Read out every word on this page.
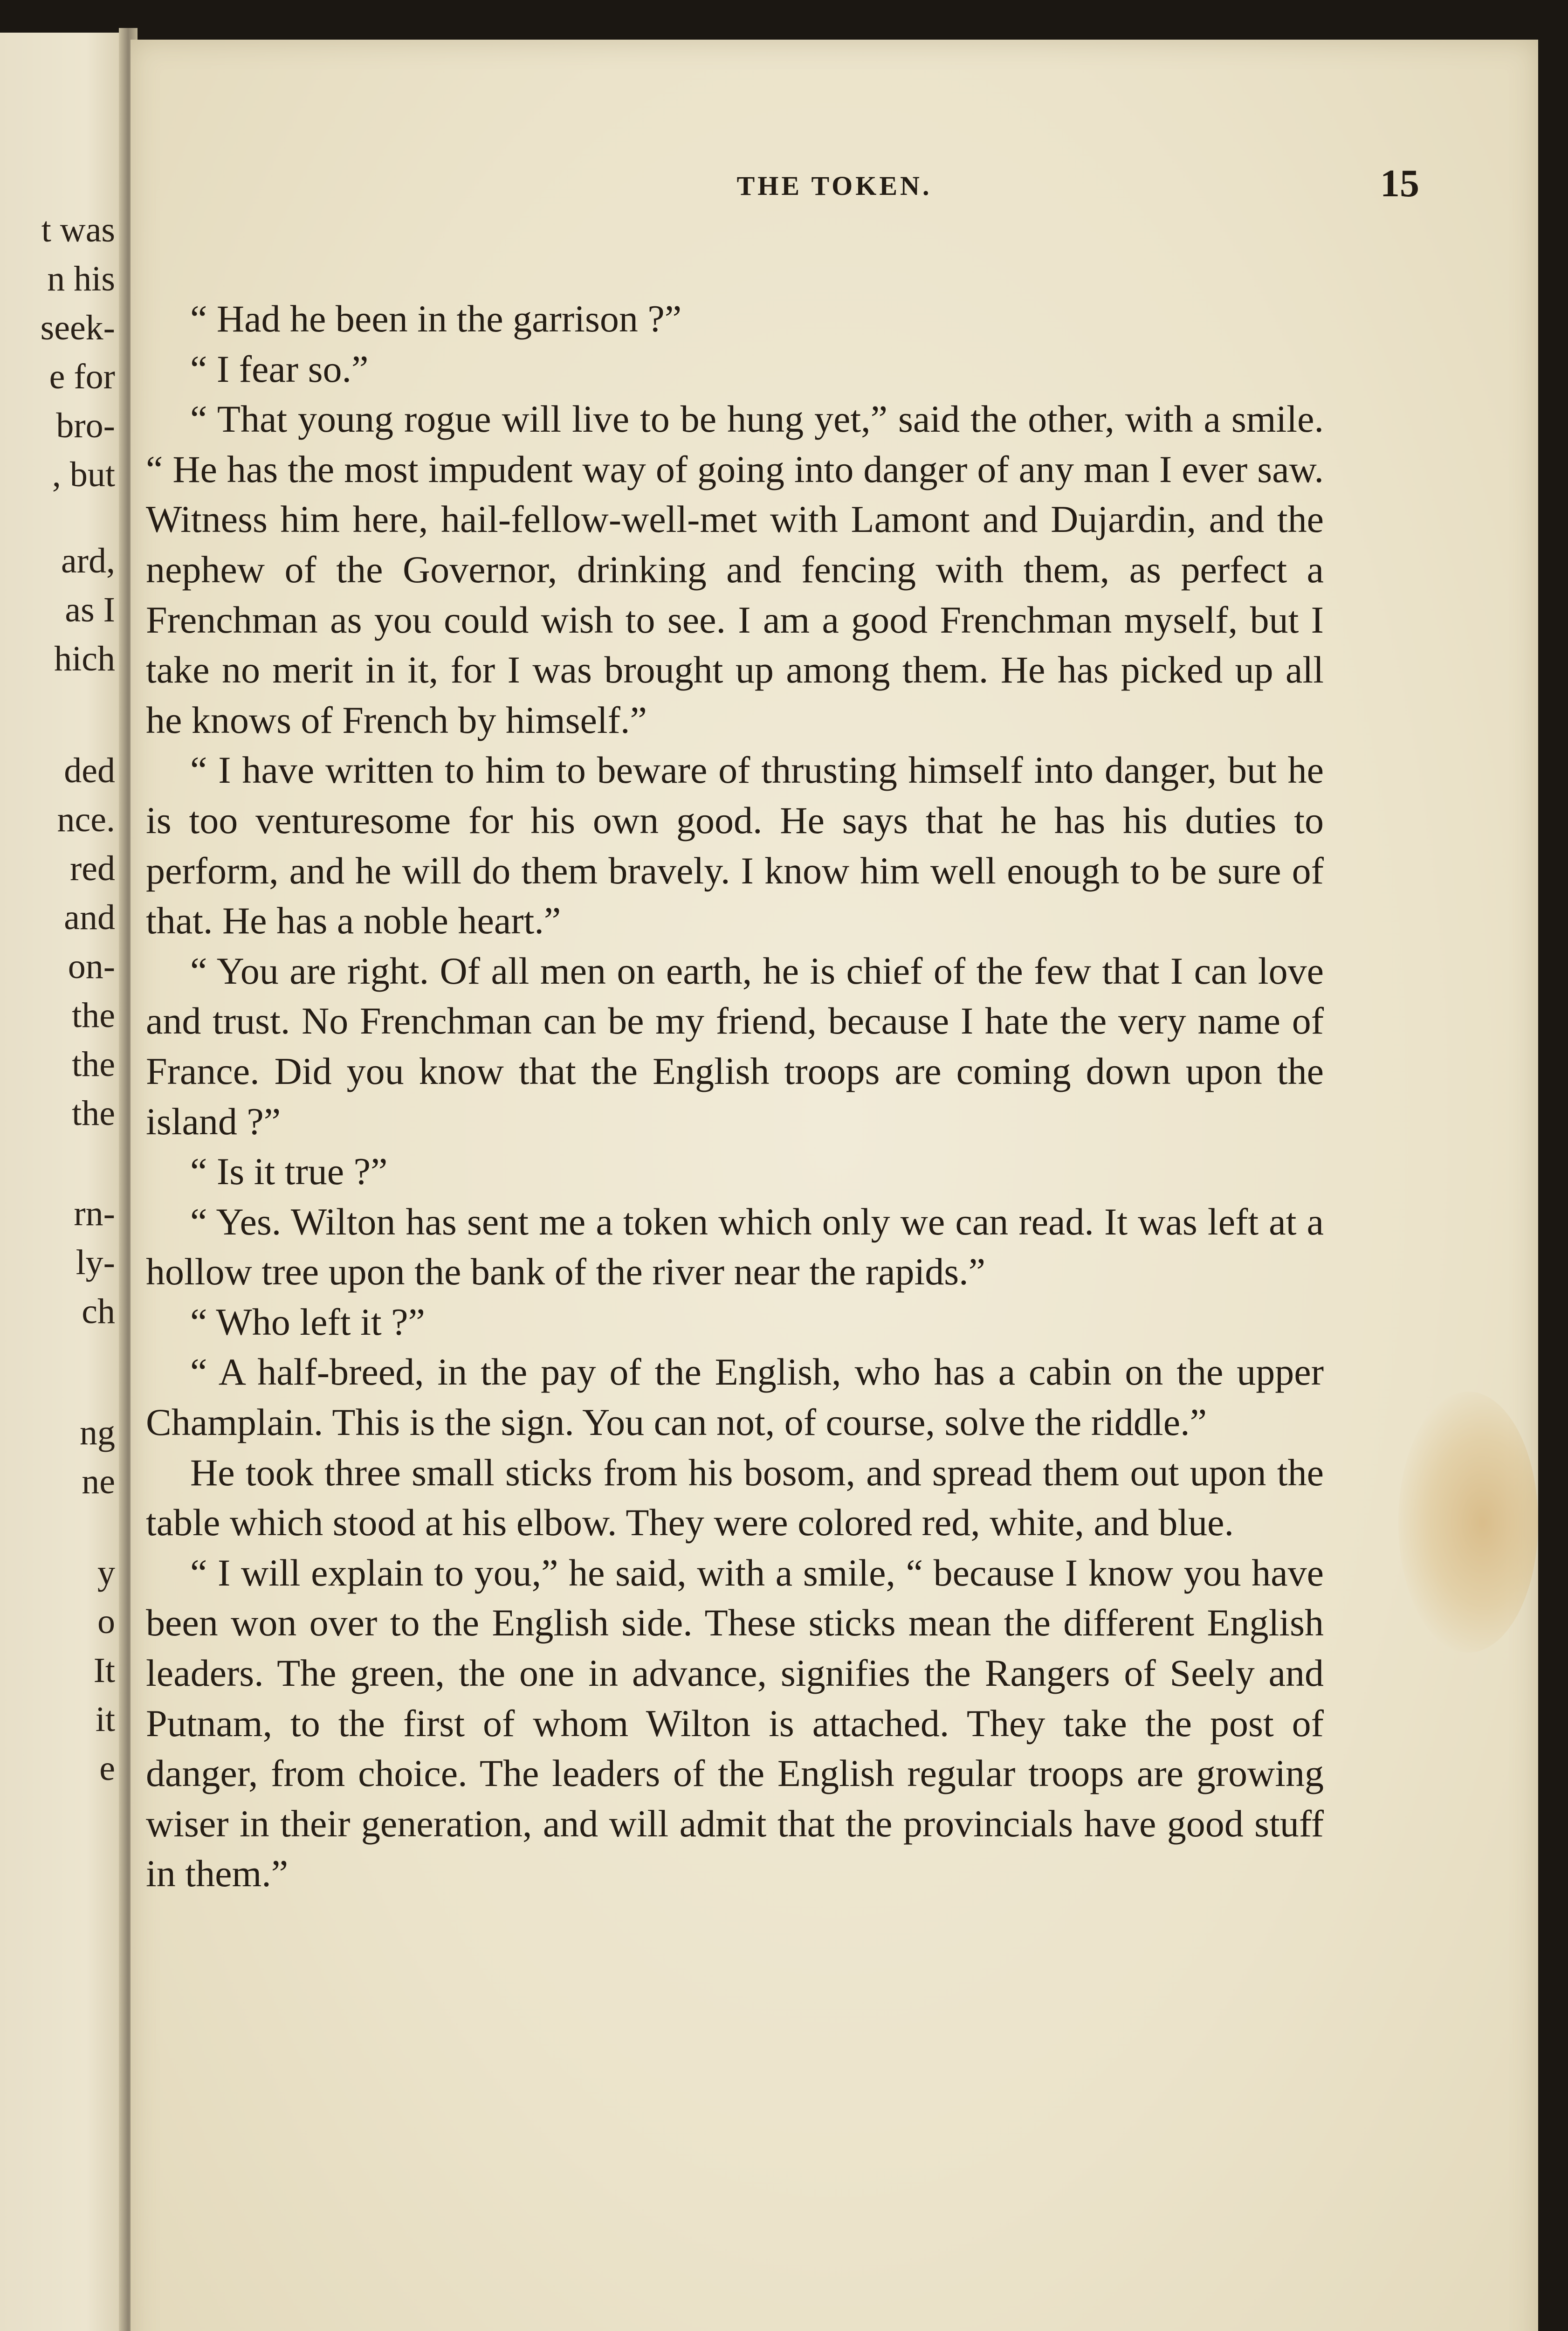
t was

n his

seek-

e for

bro-

, but

ard,

as I

hich

ded

nce.

red

and

on-

the

the

the

rn-

ly-

ch

ng

ne

y

o

It

it

e

THE TOKEN.	15

“ Had he been in the garrison ?”

“ I fear so.”

“ That young rogue will live to be hung yet,” said the other, with a smile. “ He has the most impudent way of going into danger of any man I ever saw. Witness him here, hail-fellow-well-met with Lamont and Dujardin, and the nephew of the Governor, drinking and fencing with them, as perfect a Frenchman as you could wish to see. I am a good Frenchman myself, but I take no merit in it, for I was brought up among them. He has picked up all he knows of French by himself.”

“ I have written to him to beware of thrusting himself into danger, but he is too venturesome for his own good. He says that he has his duties to perform, and he will do them bravely. I know him well enough to be sure of that. He has a noble heart.”

“ You are right. Of all men on earth, he is chief of the few that I can love and trust. No Frenchman can be my friend, because I hate the very name of France. Did you know that the English troops are coming down upon the island ?”

“ Is it true ?”

“ Yes. Wilton has sent me a token which only we can read. It was left at a hollow tree upon the bank of the river near the rapids.”

“ Who left it ?”

“ A half-breed, in the pay of the English, who has a cabin on the upper Champlain. This is the sign. You can not, of course, solve the riddle.”

He took three small sticks from his bosom, and spread them out upon the table which stood at his elbow. They were colored red, white, and blue.

“ I will explain to you,” he said, with a smile, “ because I know you have been won over to the English side. These sticks mean the different English leaders. The green, the one in advance, signifies the Rangers of Seely and Putnam, to the first of whom Wilton is attached. They take the post of danger, from choice. The leaders of the English regular troops are growing wiser in their generation, and will admit that the provincials have good stuff in them.”
